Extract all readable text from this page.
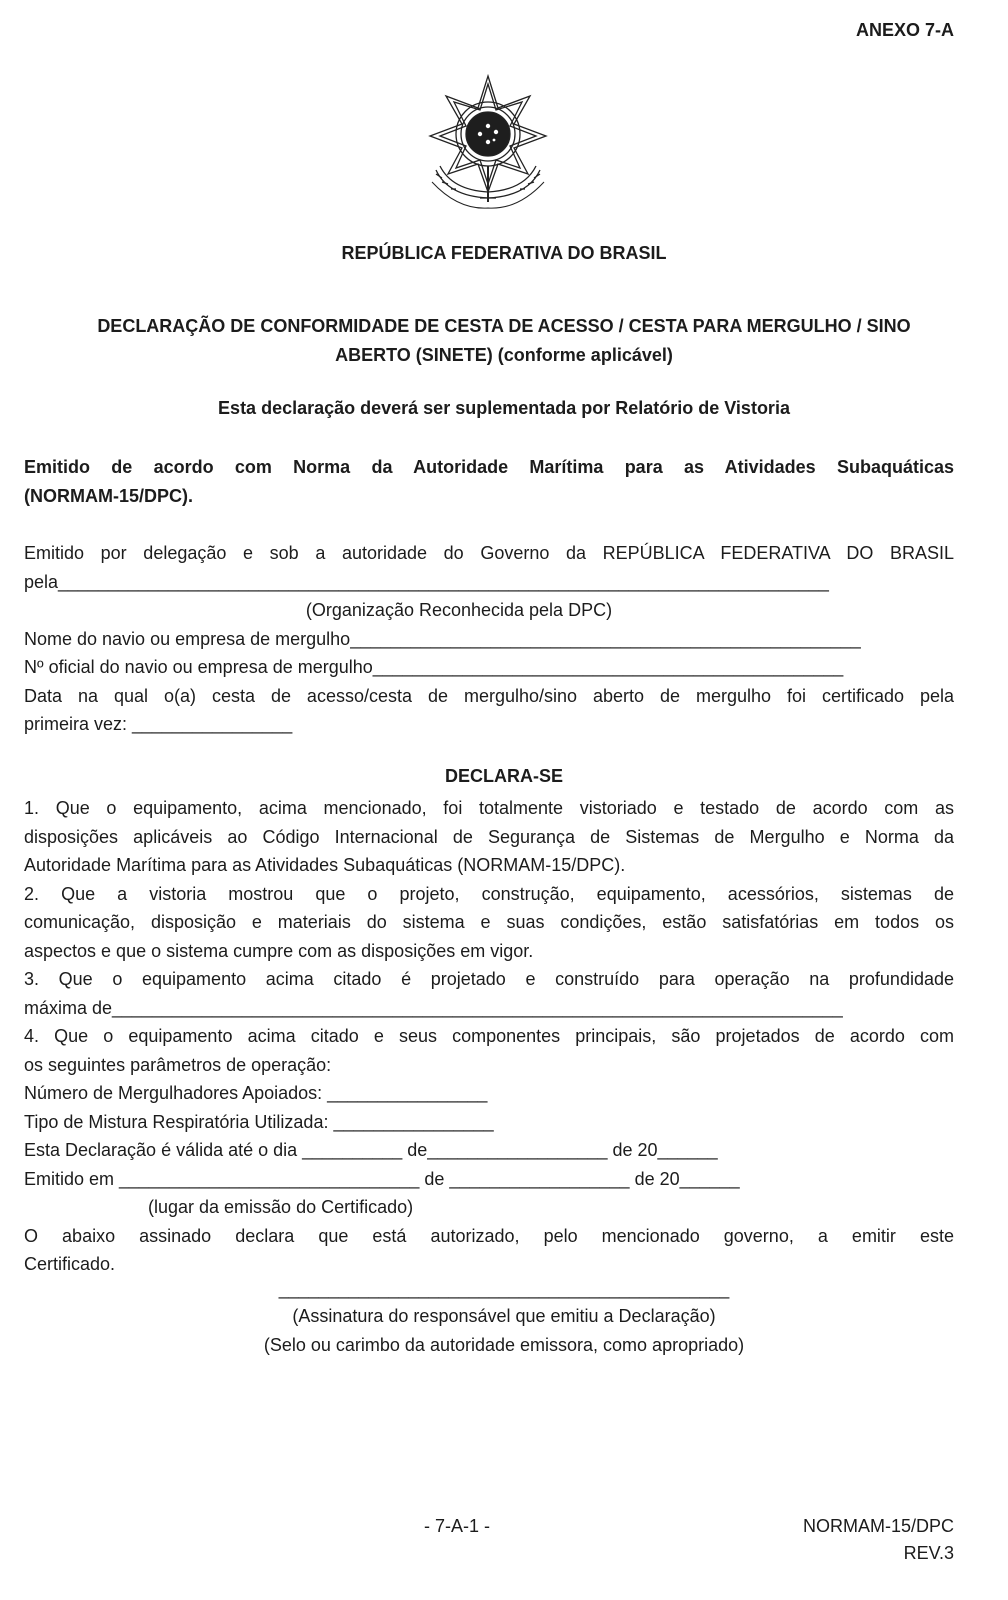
ANEXO 7-A
REPÚBLICA FEDERATIVA DO BRASIL
DECLARAÇÃO DE CONFORMIDADE DE CESTA DE ACESSO / CESTA PARA MERGULHO / SINO
ABERTO (SINETE) (conforme aplicável)
Esta declaração deverá ser suplementada por Relatório de Vistoria
Emitido de acordo com Norma da Autoridade Marítima para as Atividades Subaquáticas
(NORMAM-15/DPC).
Emitido por delegação e sob a autoridade do Governo da REPÚBLICA FEDERATIVA DO BRASIL
pela_____________________________________________________________________________
(Organização Reconhecida pela DPC)
Nome do navio ou empresa de mergulho___________________________________________________
Nº oficial do navio ou empresa de mergulho_______________________________________________
Data na qual o(a) cesta de acesso/cesta de mergulho/sino aberto de mergulho foi certificado pela
primeira vez: ________________
DECLARA-SE
1. Que o equipamento, acima mencionado, foi totalmente vistoriado e testado de acordo com as
disposições aplicáveis ao Código Internacional de Segurança de Sistemas de Mergulho e Norma da
Autoridade Marítima para as Atividades Subaquáticas (NORMAM-15/DPC).
2. Que a vistoria mostrou que o projeto, construção, equipamento, acessórios, sistemas de
comunicação, disposição e materiais do sistema e suas condições, estão satisfatórias em todos os
aspectos e que o sistema cumpre com as disposições em vigor.
3. Que o equipamento acima citado é projetado e construído para operação na profundidade
máxima de_________________________________________________________________________
4. Que o equipamento acima citado e seus componentes principais, são projetados de acordo com
os seguintes parâmetros de operação:
Número de Mergulhadores Apoiados: ________________
Tipo de Mistura Respiratória Utilizada: ________________
Esta Declaração é válida até o dia __________ de__________________ de 20______
Emitido em ______________________________ de __________________ de 20______
(lugar da emissão do Certificado)
O abaixo assinado declara que está autorizado, pelo mencionado governo, a emitir este
Certificado.
_____________________________________________
(Assinatura do responsável que emitiu a Declaração)
(Selo ou carimbo da autoridade emissora, como apropriado)
- 7-A-1 -	NORMAM-15/DPC
REV.3
